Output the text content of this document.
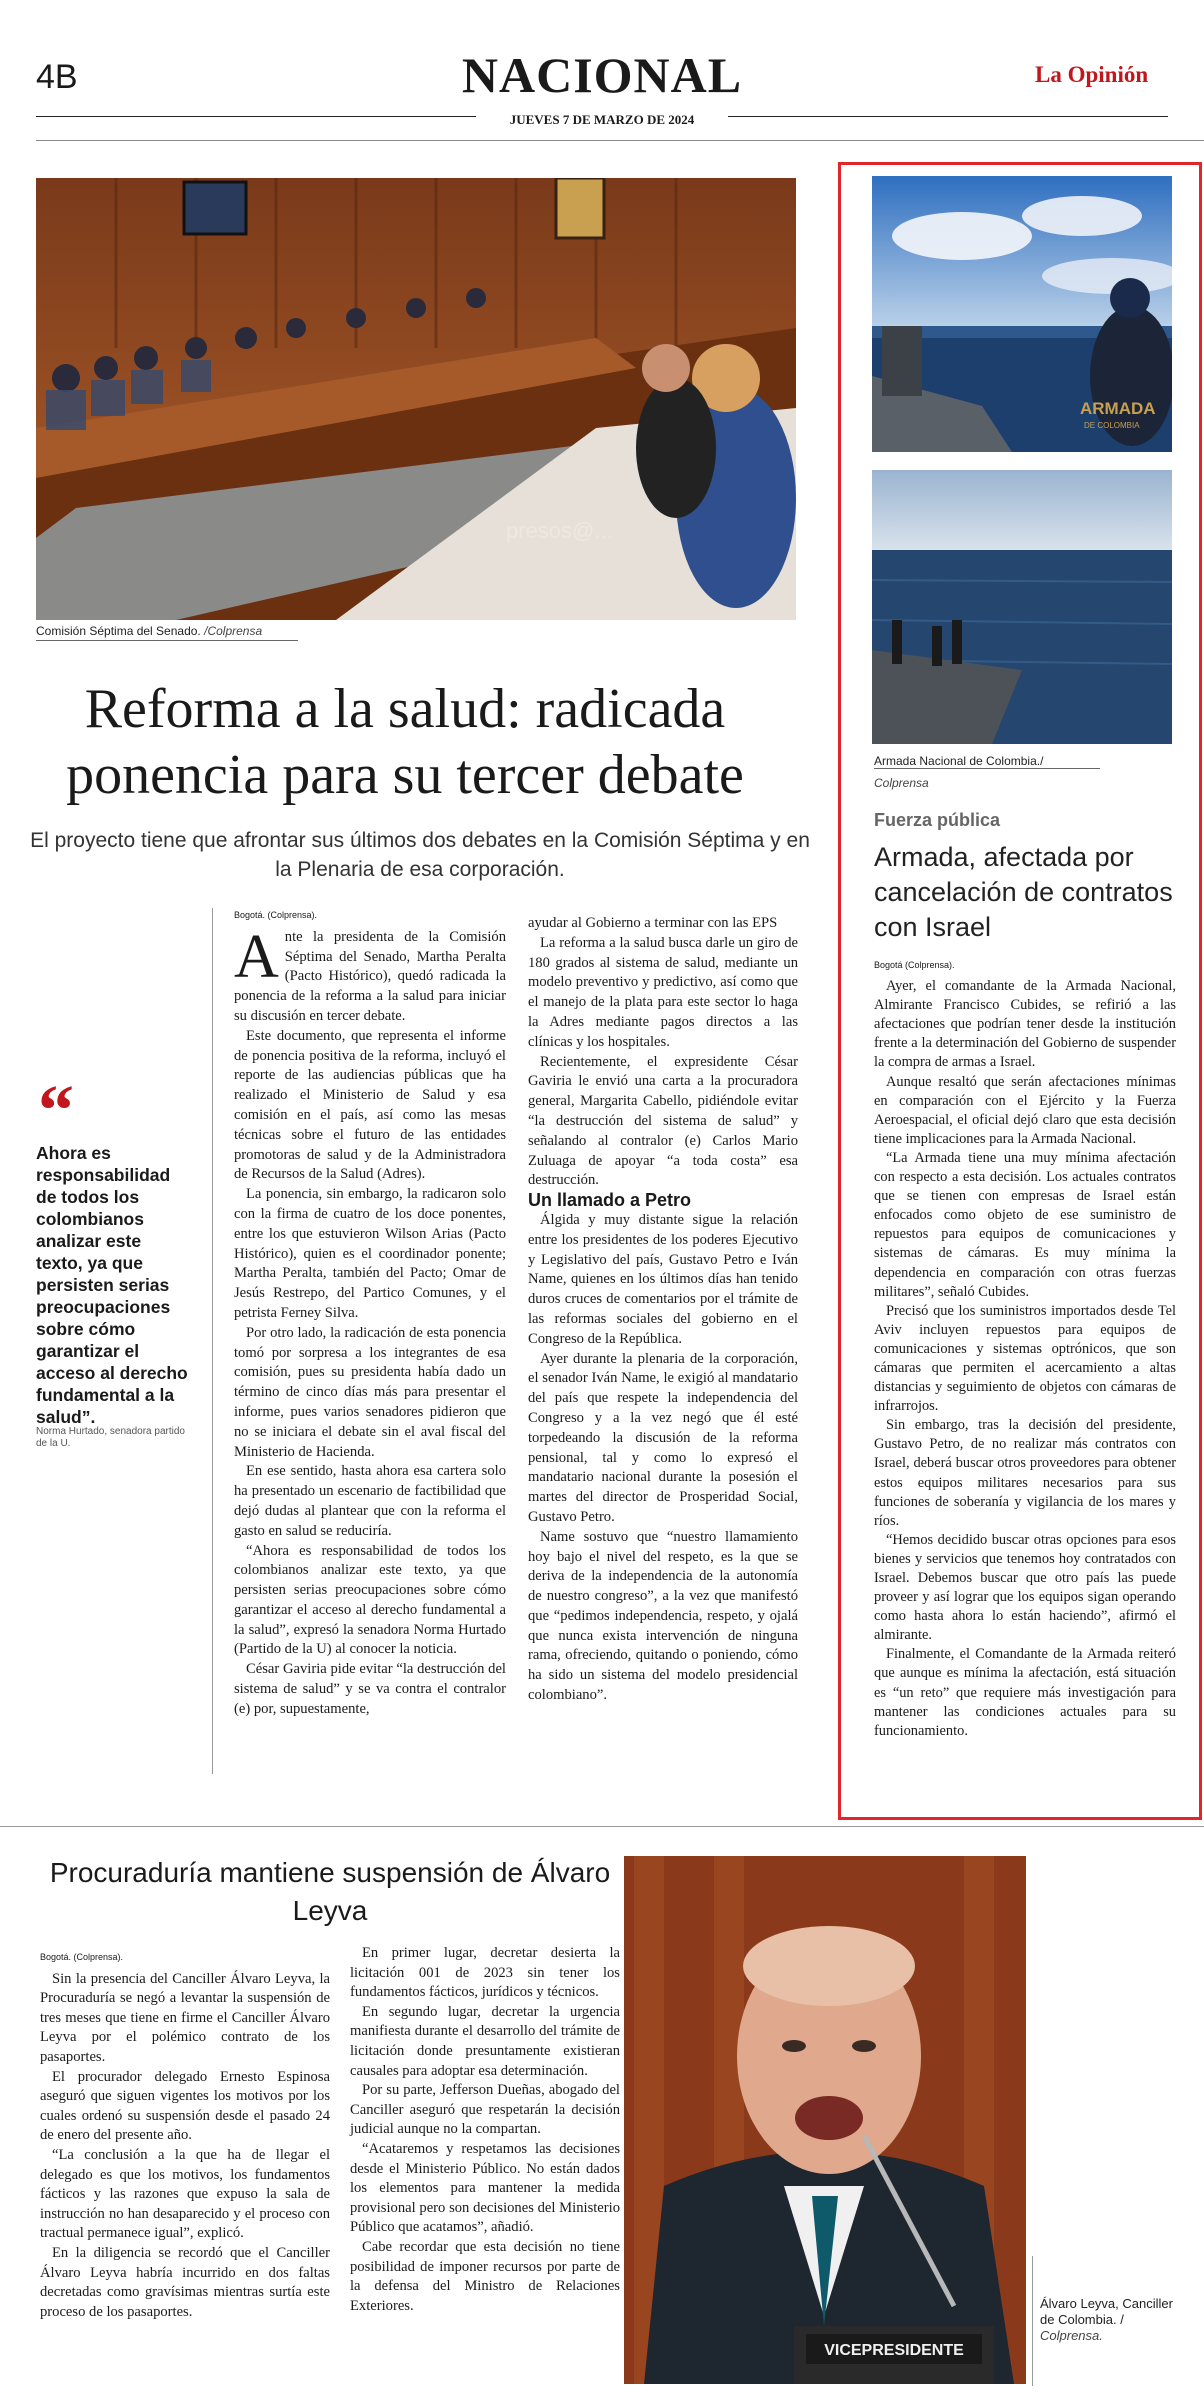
4B	NACIONAL
JUEVES 7 DE MARZO DE 2024
La Opinión
presos@...
Comisión Séptima del Senado. /Colprensa
Reforma a la salud: radicada
ponencia para su tercer debate
El proyecto tiene que afrontar sus últimos dos debates en la Comisión Séptima y en la Plenaria de esa corporación.
“
Ahora es responsabilidad de todos los colombianos analizar este texto, ya que persisten serias preocupaciones sobre cómo garantizar el acceso al derecho fundamental a la salud”.
Norma Hurtado, senadora partido de la U.
Bogotá. (Colprensa).

Ante la presidenta de la Comisión Séptima del Senado, Martha Peralta (Pacto Histórico), quedó radicada la ponencia de la reforma a la salud para iniciar su discusión en tercer debate.

Este documento, que representa el informe de ponencia positiva de la reforma, incluyó el reporte de las audiencias públicas que ha realizado el Ministerio de Salud y esa comisión en el país, así como las mesas técnicas sobre el futuro de las entidades promotoras de salud y de la Administradora de Recursos de la Salud (Adres).

La ponencia, sin embargo, la radicaron solo con la firma de cuatro de los doce ponentes, entre los que estuvieron Wilson Arias (Pacto Histórico), quien es el coordinador ponente; Martha Peralta, también del Pacto; Omar de Jesús Restrepo, del Partico Comunes, y el petrista Ferney Silva.

Por otro lado, la radicación de esta ponencia tomó por sorpresa a los integrantes de esa comisión, pues su presidenta había dado un término de cinco días más para presentar el informe, pues varios senadores pidieron que no se iniciara el debate sin el aval fiscal del Ministerio de Hacienda.

En ese sentido, hasta ahora esa cartera solo ha presentado un escenario de factibilidad que dejó dudas al plantear que con la reforma el gasto en salud se reduciría.

“Ahora es responsabilidad de todos los colombianos analizar este texto, ya que persisten serias preocupaciones sobre cómo garantizar el acceso al derecho fundamental a la salud”, expresó la senadora Norma Hurtado (Partido de la U) al conocer la noticia.

César Gaviria pide evitar “la destrucción del sistema de salud” y se va contra el contralor (e) por, supuestamente,

ayudar al Gobierno a terminar con las EPS

La reforma a la salud busca darle un giro de 180 grados al sistema de salud, mediante un modelo preventivo y predictivo, así como que el manejo de la plata para este sector lo haga la Adres mediante pagos directos a las clínicas y los hospitales.

Recientemente, el expresidente César Gaviria le envió una carta a la procuradora general, Margarita Cabello, pidiéndole evitar “la destrucción del sistema de salud” y señalando al contralor (e) Carlos Mario Zuluaga de apoyar “a toda costa” esa destrucción.

Un llamado a Petro

Álgida y muy distante sigue la relación entre los presidentes de los poderes Ejecutivo y Legislativo del país, Gustavo Petro e Iván Name, quienes en los últimos días han tenido duros cruces de comentarios por el trámite de las reformas sociales del gobierno en el Congreso de la República.

Ayer durante la plenaria de la corporación, el senador Iván Name, le exigió al mandatario del país que respete la independencia del Congreso y a la vez negó que él esté torpedeando la discusión de la reforma pensional, tal y como lo expresó el mandatario nacional durante la posesión el martes del director de Prosperidad Social, Gustavo Petro.

Name sostuvo que “nuestro llamamiento hoy bajo el nivel del respeto, es la que se deriva de la independencia de la autonomía de nuestro congreso”, a la vez que manifestó que “pedimos independencia, respeto, y ojalá que nunca exista intervención de ninguna rama, ofreciendo, quitando o poniendo, cómo ha sido un sistema del modelo presidencial colombiano”.

ARMADA
DE COLOMBIA
Armada Nacional de Colombia./
Colprensa
Fuerza pública
Armada, afectada por cancelación de contratos con Israel
Bogotá (Colprensa).

Ayer, el comandante de la Armada Nacional, Almirante Francisco Cubides, se refirió a las afectaciones que podrían tener desde la institución frente a la determinación del Gobierno de suspender la compra de armas a Israel.

Aunque resaltó que serán afectaciones mínimas en comparación con el Ejército y la Fuerza Aeroespacial, el oficial dejó claro que esta decisión tiene implicaciones para la Armada Nacional.

“La Armada tiene una muy mínima afectación con respecto a esta decisión. Los actuales contratos que se tienen con empresas de Israel están enfocados como objeto de ese suministro de repuestos para equipos de comunicaciones y sistemas de cámaras. Es muy mínima la dependencia en comparación con otras fuerzas militares”, señaló Cubides.

Precisó que los suministros importados desde Tel Aviv incluyen repuestos para equipos de comunicaciones y sistemas optrónicos, que son cámaras que permiten el acercamiento a altas distancias y seguimiento de objetos con cámaras de infrarrojos.

Sin embargo, tras la decisión del presidente, Gustavo Petro, de no realizar más contratos con Israel, deberá buscar otros proveedores para obtener estos equipos militares necesarios para sus funciones de soberanía y vigilancia de los mares y ríos.

“Hemos decidido buscar otras opciones para esos bienes y servicios que tenemos hoy contratados con Israel. Debemos buscar que otro país las puede proveer y así lograr que los equipos sigan operando como hasta ahora lo están haciendo”, afirmó el almirante.

Finalmente, el Comandante de la Armada reiteró que aunque es mínima la afectación, está situación es “un reto” que requiere más investigación para mantener las condiciones actuales para su funcionamiento.

Procuraduría mantiene suspensión de Álvaro Leyva
Bogotá. (Colprensa).

Sin la presencia del Canciller Álvaro Leyva, la Procuraduría se negó a levantar la suspensión de tres meses que tiene en firme el Canciller Álvaro Leyva por el polémico contrato de los pasaportes.

El procurador delegado Ernesto Espinosa aseguró que siguen vigentes los motivos por los cuales ordenó su suspensión desde el pasado 24 de enero del presente año.

“La conclusión a la que ha de llegar el delegado es que los motivos, los fundamentos fácticos y las razones que expuso la sala de instrucción no han desaparecido y el proceso con tractual permanece igual”, explicó.

En la diligencia se recordó que el Canciller Álvaro Leyva habría incurrido en dos faltas decretadas como gravísimas mientras surtía este proceso de los pasaportes.

En primer lugar, decretar desierta la licitación 001 de 2023 sin tener los fundamentos fácticos, jurídicos y técnicos.

En segundo lugar, decretar la urgencia manifiesta durante el desarrollo del trámite de licitación donde presuntamente existieran causales para adoptar esa determinación.

Por su parte, Jefferson Dueñas, abogado del Canciller aseguró que respetarán la decisión judicial aunque no la compartan.

“Acataremos y respetamos las decisiones desde el Ministerio Público. No están dados los elementos para mantener la medida provisional pero son decisiones del Ministerio Público que acatamos”, añadió.

Cabe recordar que esta decisión no tiene posibilidad de imponer recursos por parte de la defensa del Ministro de Relaciones Exteriores.

VICEPRESIDENTE
Álvaro Leyva, Canciller de Colombia. / Colprensa.
